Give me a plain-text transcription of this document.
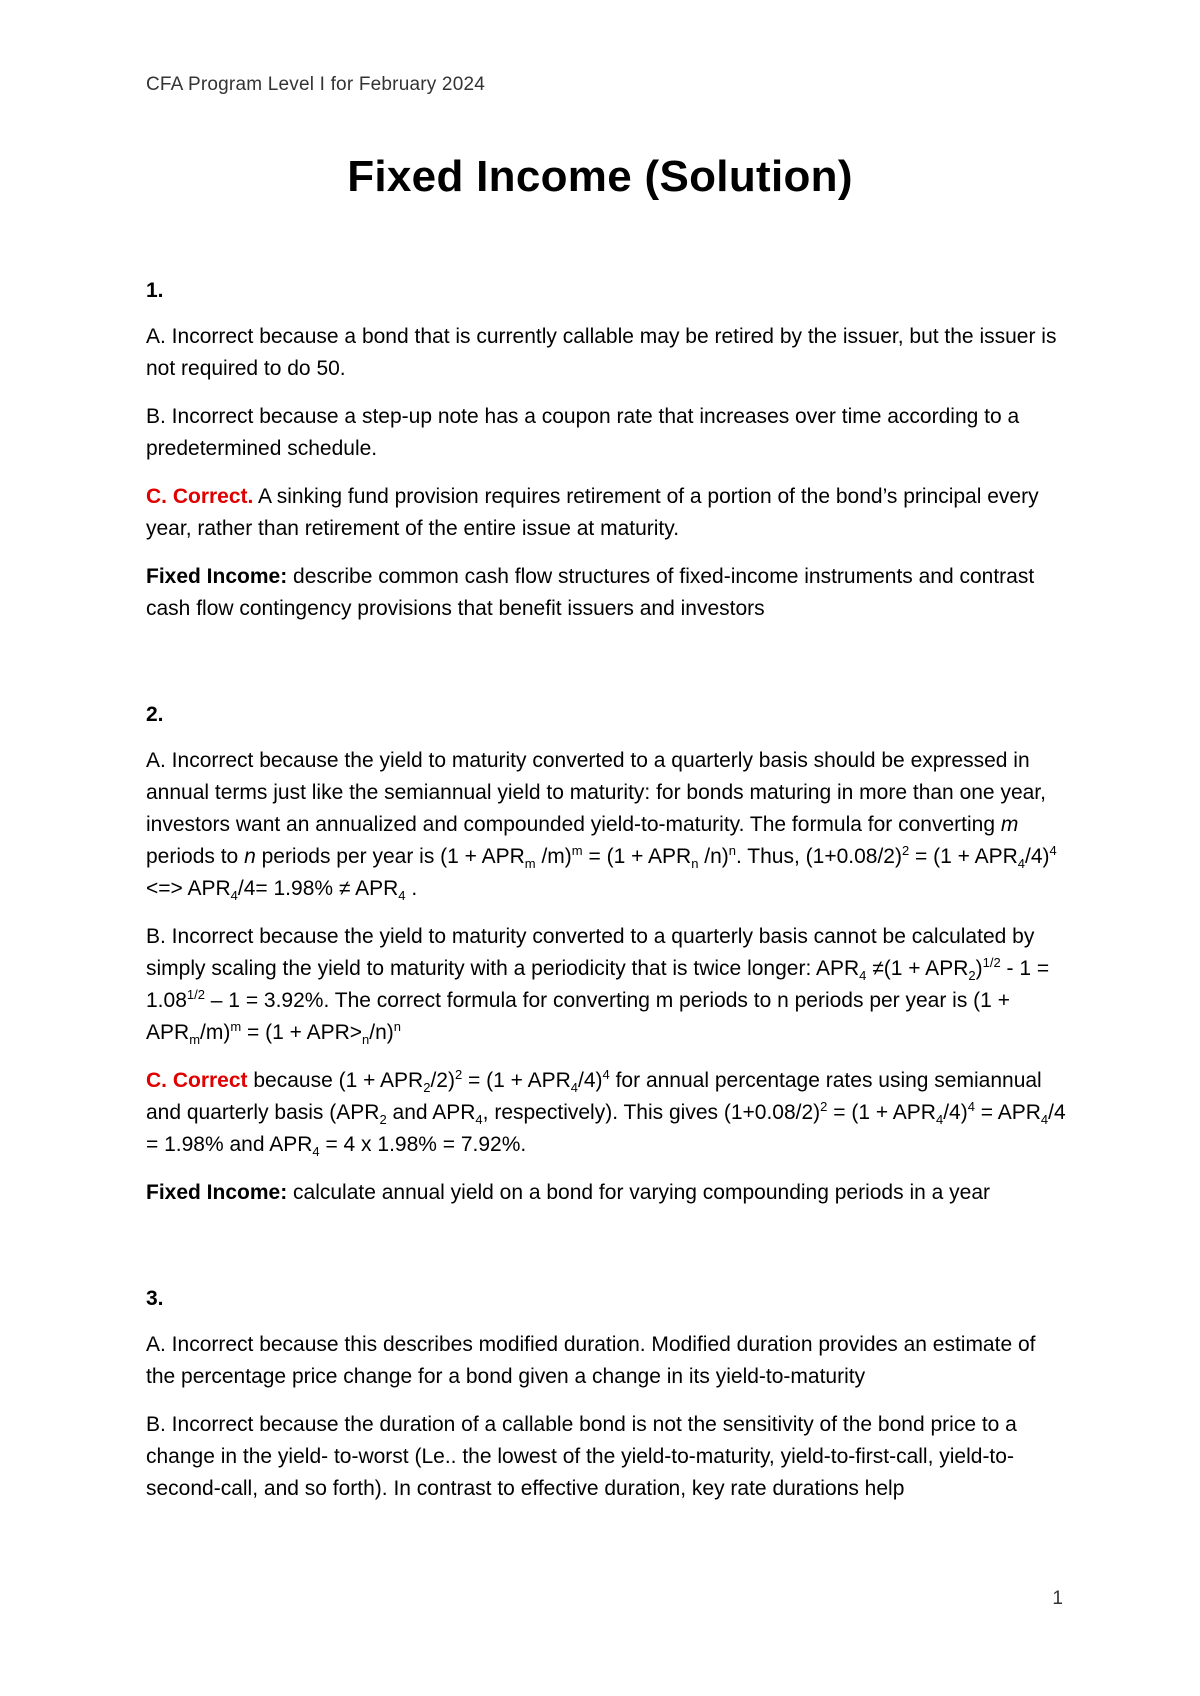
CFA Program Level I for February 2024
Fixed Income (Solution)
1.

A. Incorrect because a bond that is currently callable may be retired by the issuer, but the issuer is not required to do 50.

B. Incorrect because a step-up note has a coupon rate that increases over time according to a predetermined schedule.

C. Correct. A sinking fund provision requires retirement of a portion of the bond’s principal every year, rather than retirement of the entire issue at maturity.

Fixed Income: describe common cash flow structures of fixed-income instruments and contrast cash flow contingency provisions that benefit issuers and investors

2.

A. Incorrect because the yield to maturity converted to a quarterly basis should be expressed in annual terms just like the semiannual yield to maturity: for bonds maturing in more than one year, investors want an annualized and compounded yield-to-maturity. The formula for converting m periods to n periods per year is ($1 + APR_m$ $/m)^m = (1 + APR_n$ /n)$^n$. Thus, $(1+0.08/2)^2 = (1 + APR_4/4)^4$ <=> $APR_4/4= 1.98\% \ne APR_4$ .

B. Incorrect because the yield to maturity converted to a quarterly basis cannot be calculated by simply scaling the yield to maturity with a periodicity that is twice longer: $APR_4 \ne(1 + APR_2)^{1/2} - 1 = 1.08^{1/2} - 1 = 3.92\%$. The correct formula for converting m periods to n periods per year is $(1 + APR_m/m)^m = (1 + APR>_n/n)^n$

C. Correct because $(1 + APR_2/2)^2 = (1 + APR_4/4)^4$ for annual percentage rates using semiannual and quarterly basis ($APR_2$ and $APR_4$, respectively). This gives $(1+0.08/2)^2 = (1 + APR_4/4)^4 = APR_4/4 = 1.98\%$ and $APR_4 = 4$ x 1.98% = 7.92%.

Fixed Income: calculate annual yield on a bond for varying compounding periods in a year

3.

A. Incorrect because this describes modified duration. Modified duration provides an estimate of the percentage price change for a bond given a change in its yield-to-maturity

B. Incorrect because the duration of a callable bond is not the sensitivity of the bond price to a change in the yield- to-worst (Le.. the lowest of the yield-to-maturity, yield-to-first-call, yield-to-second-call, and so forth). In contrast to effective duration, key rate durations help

1
